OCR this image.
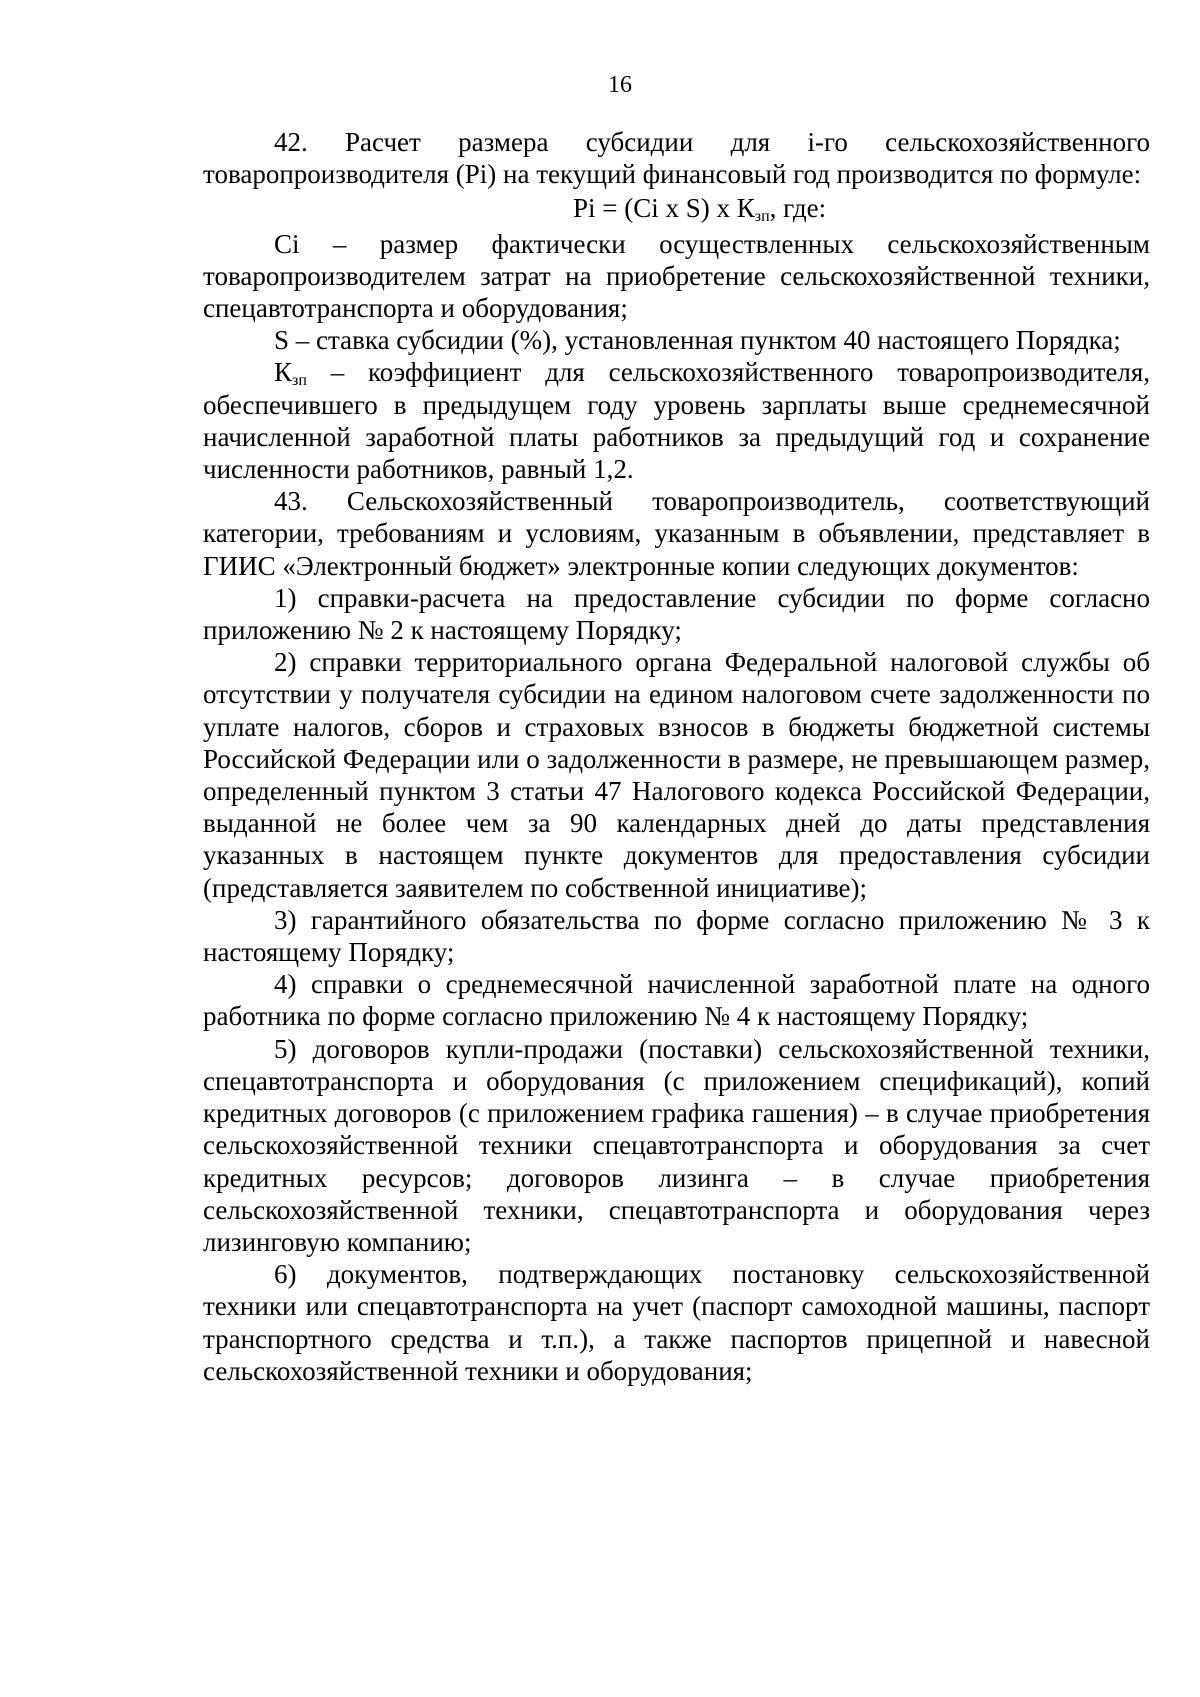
16

42. Расчет размера субсидии для i-го сельскохозяйственного товаропроизводителя (Pi) на текущий финансовый год производится по формуле:

Pi = (Ci x S) x $К_{зп}$, где:

Ci – размер фактически осуществленных сельскохозяйственным товаропроизводителем затрат на приобретение сельскохозяйственной техники, спецавтотранспорта и оборудования;

S – ставка субсидии (%), установленная пунктом 40 настоящего Порядка;

$К_{зп}$ – коэффициент для сельскохозяйственного товаропроизводителя, обеспечившего в предыдущем году уровень зарплаты выше среднемесячной начисленной заработной платы работников за предыдущий год и сохранение численности работников, равный 1,2.

43. Сельскохозяйственный товаропроизводитель, соответствующий категории, требованиям и условиям, указанным в объявлении, представляет в ГИИС «Электронный бюджет» электронные копии следующих документов:

1) справки-расчета на предоставление субсидии по форме согласно приложению № 2 к настоящему Порядку;

2) справки территориального органа Федеральной налоговой службы об отсутствии у получателя субсидии на едином налоговом счете задолженности по уплате налогов, сборов и страховых взносов в бюджеты бюджетной системы Российской Федерации или о задолженности в размере, не превышающем размер, определенный пунктом 3 статьи 47 Налогового кодекса Российской Федерации, выданной не более чем за 90 календарных дней до даты представления указанных в настоящем пункте документов для предоставления субсидии (представляется заявителем по собственной инициативе);

3) гарантийного обязательства по форме согласно приложению № 3 к настоящему Порядку;

4) справки о среднемесячной начисленной заработной плате на одного работника по форме согласно приложению № 4 к настоящему Порядку;

5) договоров купли-продажи (поставки) сельскохозяйственной техники, спецавтотранспорта и оборудования (с приложением спецификаций), копий кредитных договоров (с приложением графика гашения) – в случае приобретения сельскохозяйственной техники спецавтотранспорта и оборудования за счет кредитных ресурсов; договоров лизинга – в случае приобретения сельскохозяйственной техники, спецавтотранспорта и оборудования через лизинговую компанию;

6) документов, подтверждающих постановку сельскохозяйственной техники или спецавтотранспорта на учет (паспорт самоходной машины, паспорт транспортного средства и т.п.), а также паспортов прицепной и навесной сельскохозяйственной техники и оборудования;
